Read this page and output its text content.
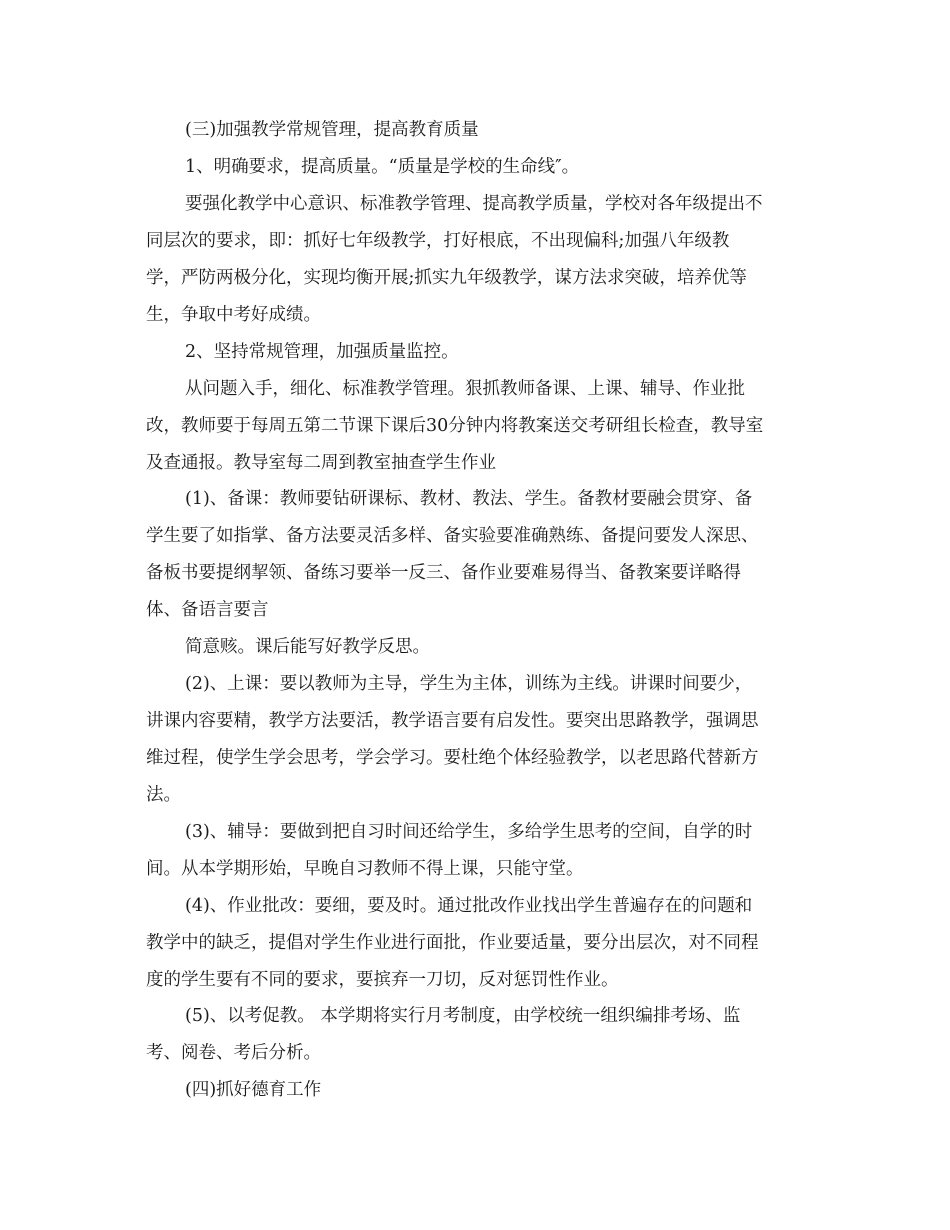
(三)加强教学常规管理，提高教育质量
1、明确要求，提高质量。“质量是学校的生命线″。
要强化教学中心意识、标准教学管理、提高教学质量，学校对各年级提出不
同层次的要求，即：抓好七年级教学，打好根底，不出现偏科;加强八年级教
学，严防两极分化，实现均衡开展;抓实九年级教学，谋方法求突破，培养优等
生，争取中考好成绩。
2、坚持常规管理，加强质量监控。
从问题入手，细化、标准教学管理。狠抓教师备课、上课、辅导、作业批
改，教师要于每周五第二节课下课后30分钟内将教案送交考研组长检查，教导室
及查通报。教导室每二周到教室抽查学生作业
(1)、备课：教师要钻研课标、教材、教法、学生。备教材要融会贯穿、备
学生要了如指掌、备方法要灵活多样、备实验要准确熟练、备提问要发人深思、
备板书要提纲挈领、备练习要举一反三、备作业要难易得当、备教案要详略得
体、备语言要言
简意赅。课后能写好教学反思。
(2)、上课：要以教师为主导，学生为主体，训练为主线。讲课时间要少，
讲课内容要精，教学方法要活，教学语言要有启发性。要突出思路教学，强调思
维过程，使学生学会思考，学会学习。要杜绝个体经验教学，以老思路代替新方
法。
(3)、辅导：要做到把自习时间还给学生，多给学生思考的空间，自学的时
间。从本学期形始，早晚自习教师不得上课，只能守堂。
(4)、作业批改：要细，要及时。通过批改作业找出学生普遍存在的问题和
教学中的缺乏，提倡对学生作业进行面批，作业要适量，要分出层次，对不同程
度的学生要有不同的要求，要摈弃一刀切，反对惩罚性作业。
(5)、以考促教。 本学期将实行月考制度，由学校统一组织编排考场、监
考、阅卷、考后分析。
(四)抓好德育工作
